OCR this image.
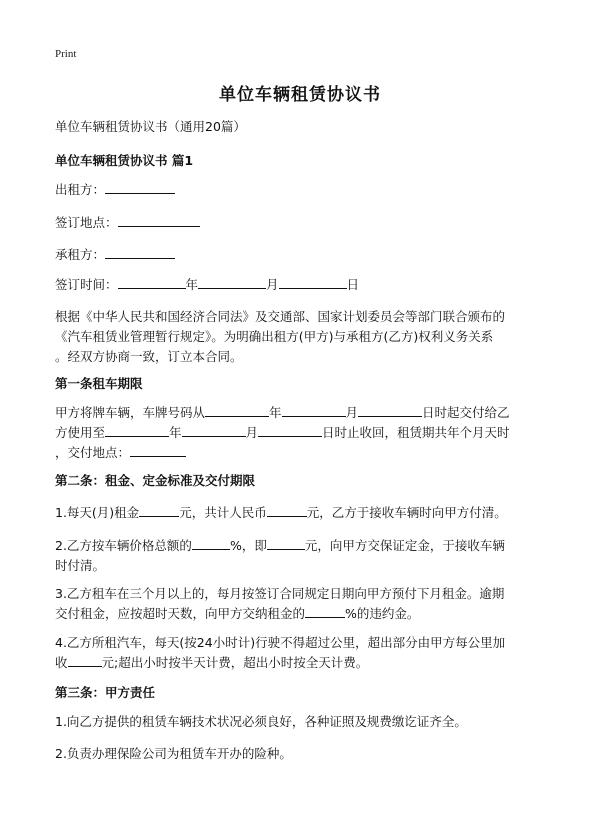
Print
单位车辆租赁协议书
单位车辆租赁协议书（通用20篇）
单位车辆租赁协议书 篇1
出租方：
签订地点：
承租方：
签订时间：	年	月	日
根据《中华人民共和国经济合同法》及交通部、国家计划委员会等部门联合颁布的
《汽车租赁业管理暂行规定》。为明确出租方(甲方)与承租方(乙方)权利义务关系
。经双方协商一致，订立本合同。
第一条租车期限
甲方将牌车辆，车牌号码从	年	月	日时起交付给乙
方使用至	年	月	日时止收回，租赁期共年个月天时
，交付地点：
第二条：租金、定金标准及交付期限
1.每天(月)租金	元，共计人民币	元，乙方于接收车辆时向甲方付清。
2.乙方按车辆价格总额的	%，即	元，向甲方交保证定金，于接收车辆
时付清。
3.乙方租车在三个月以上的，每月按签订合同规定日期向甲方预付下月租金。逾期
交付租金，应按超时天数，向甲方交纳租金的	%的违约金。
4.乙方所租汽车，每天(按24小时计)行驶不得超过公里，超出部分由甲方每公里加
收	元;超出小时按半天计费，超出小时按全天计费。
第三条：甲方责任
1.向乙方提供的租赁车辆技术状况必须良好，各种证照及规费缴讫证齐全。
2.负责办理保险公司为租赁车开办的险种。
